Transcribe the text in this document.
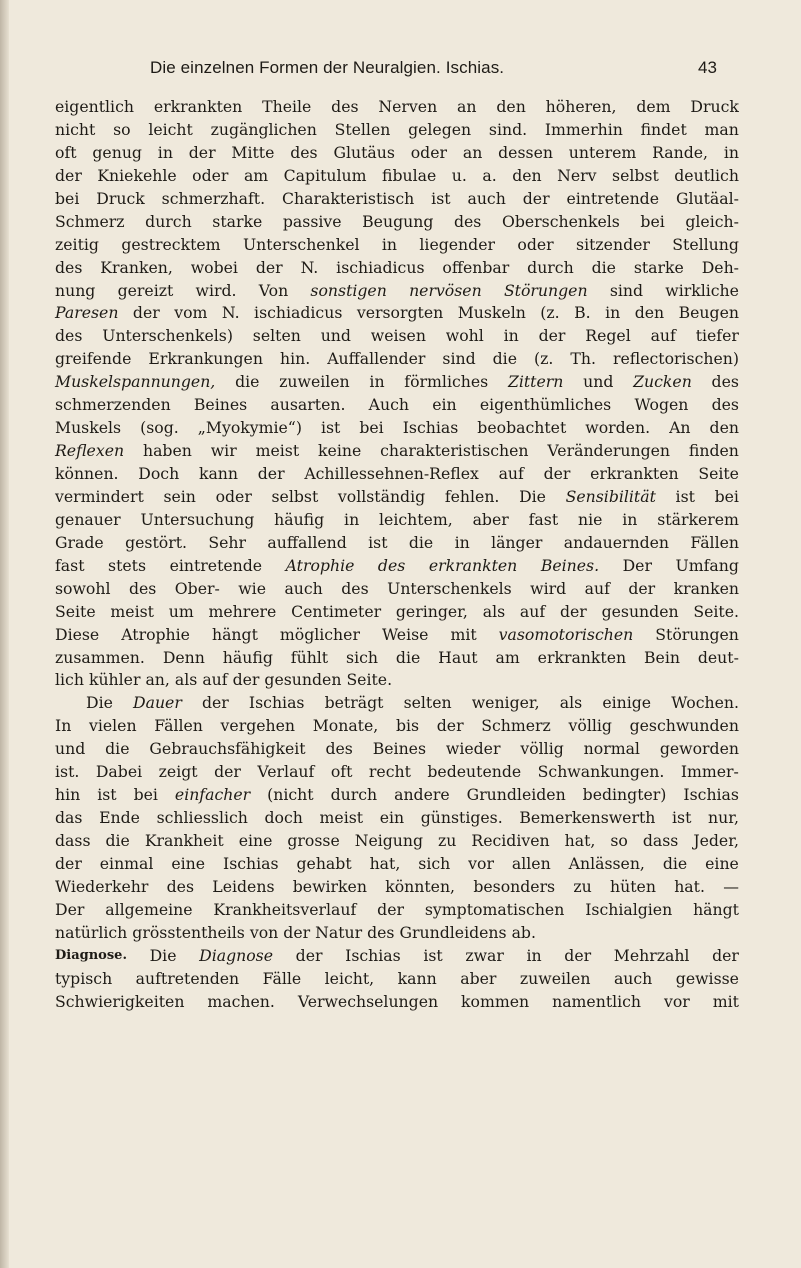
Die einzelnen Formen der Neuralgien. Ischias.	43
eigentlich erkrankten Theile des Nerven an den höheren, dem Druck
nicht so leicht zugänglichen Stellen gelegen sind. Immerhin findet man
oft genug in der Mitte des Glutäus oder an dessen unterem Rande, in
der Kniekehle oder am Capitulum fibulae u. a. den Nerv selbst deutlich
bei Druck schmerzhaft. Charakteristisch ist auch der eintretende Glutäal-
Schmerz durch starke passive Beugung des Oberschenkels bei gleich-
zeitig gestrecktem Unterschenkel in liegender oder sitzender Stellung
des Kranken, wobei der N. ischiadicus offenbar durch die starke Deh-
nung gereizt wird. Von sonstigen nervösen Störungen sind wirkliche
Paresen der vom N. ischiadicus versorgten Muskeln (z. B. in den Beugen
des Unterschenkels) selten und weisen wohl in der Regel auf tiefer
greifende Erkrankungen hin. Auffallender sind die (z. Th. reflectorischen)
Muskelspannungen, die zuweilen in förmliches Zittern und Zucken des
schmerzenden Beines ausarten. Auch ein eigenthümliches Wogen des
Muskels (sog. „Myokymie“) ist bei Ischias beobachtet worden. An den
Reflexen haben wir meist keine charakteristischen Veränderungen finden
können. Doch kann der Achillessehnen-Reflex auf der erkrankten Seite
vermindert sein oder selbst vollständig fehlen. Die Sensibilität ist bei
genauer Untersuchung häufig in leichtem, aber fast nie in stärkerem
Grade gestört. Sehr auffallend ist die in länger andauernden Fällen
fast stets eintretende Atrophie des erkrankten Beines. Der Umfang
sowohl des Ober- wie auch des Unterschenkels wird auf der kranken
Seite meist um mehrere Centimeter geringer, als auf der gesunden Seite.
Diese Atrophie hängt möglicher Weise mit vasomotorischen Störungen
zusammen. Denn häufig fühlt sich die Haut am erkrankten Bein deut-
lich kühler an, als auf der gesunden Seite.
Die Dauer der Ischias beträgt selten weniger, als einige Wochen.
In vielen Fällen vergehen Monate, bis der Schmerz völlig geschwunden
und die Gebrauchsfähigkeit des Beines wieder völlig normal geworden
ist. Dabei zeigt der Verlauf oft recht bedeutende Schwankungen. Immer-
hin ist bei einfacher (nicht durch andere Grundleiden bedingter) Ischias
das Ende schliesslich doch meist ein günstiges. Bemerkenswerth ist nur,
dass die Krankheit eine grosse Neigung zu Recidiven hat, so dass Jeder,
der einmal eine Ischias gehabt hat, sich vor allen Anlässen, die eine
Wiederkehr des Leidens bewirken könnten, besonders zu hüten hat. —
Der allgemeine Krankheitsverlauf der symptomatischen Ischialgien hängt
natürlich grösstentheils von der Natur des Grundleidens ab.
Diagnose. Die Diagnose der Ischias ist zwar in der Mehrzahl der
typisch auftretenden Fälle leicht, kann aber zuweilen auch gewisse
Schwierigkeiten machen. Verwechselungen kommen namentlich vor mit
